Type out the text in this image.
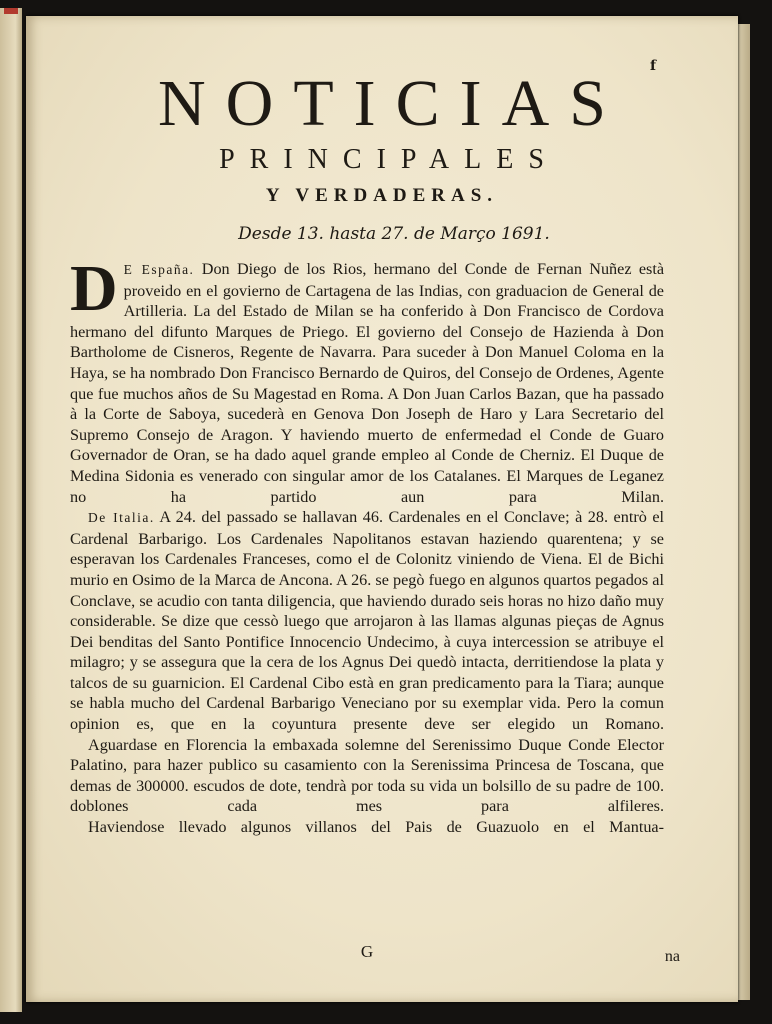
f
NOTICIAS
PRINCIPALES
Y VERDADERAS.
Desde 13. hasta 27. de Março 1691.

D E España. Don Diego de los Rios, hermano del Conde de Fernan Nuñez està proveido en el govierno de Cartagena de las Indias, con graduacion de General de Artilleria. La del Estado de Milan se ha conferido à Don Francisco de Cordova hermano del difunto Marques de Priego. El govierno del Consejo de Hazienda à Don Bartholome de Cisneros, Regente de Navarra. Para suceder à Don Manuel Coloma en la Haya, se ha nombrado Don Francisco Bernardo de Quiros, del Consejo de Ordenes, Agente que fue muchos años de Su Magestad en Roma. A Don Juan Carlos Bazan, que ha passado à la Corte de Saboya, sucederà en Genova Don Joseph de Haro y Lara Secretario del Supremo Consejo de Aragon. Y haviendo muerto de enfermedad el Conde de Guaro Governador de Oran, se ha dado aquel grande empleo al Conde de Cherniz. El Duque de Medina Sidonia es venerado con singular amor de los Catalanes. El Marques de Leganez no ha partido aun para Milan.

De Italia. A 24. del passado se hallavan 46. Cardenales en el Conclave; à 28. entrò el Cardenal Barbarigo. Los Cardenales Napolitanos estavan haziendo quarentena; y se esperavan los Cardenales Franceses, como el de Colonitz viniendo de Viena. El de Bichi murio en Osimo de la Marca de Ancona. A 26. se pegò fuego en algunos quartos pegados al Conclave, se acudio con tanta diligencia, que haviendo durado seis horas no hizo daño muy considerable. Se dize que cessò luego que arrojaron à las llamas algunas pieças de Agnus Dei benditas del Santo Pontifice Innocencio Undecimo, à cuya intercession se atribuye el milagro; y se assegura que la cera de los Agnus Dei quedò intacta, derritiendose la plata y talcos de su guarnicion. El Cardenal Cibo està en gran predicamento para la Tiara; aunque se habla mucho del Cardenal Barbarigo Veneciano por su exemplar vida. Pero la comun opinion es, que en la coyuntura presente deve ser elegido un Romano.

Aguardase en Florencia la embaxada solemne del Serenissimo Duque Conde Elector Palatino, para hazer publico su casamiento con la Serenissima Princesa de Toscana, que demas de 300000. escudos de dote, tendrà por toda su vida un bolsillo de su padre de 100. doblones cada mes para alfileres.

Haviendose llevado algunos villanos del Pais de Guazuolo en el Mantua-

G	na
